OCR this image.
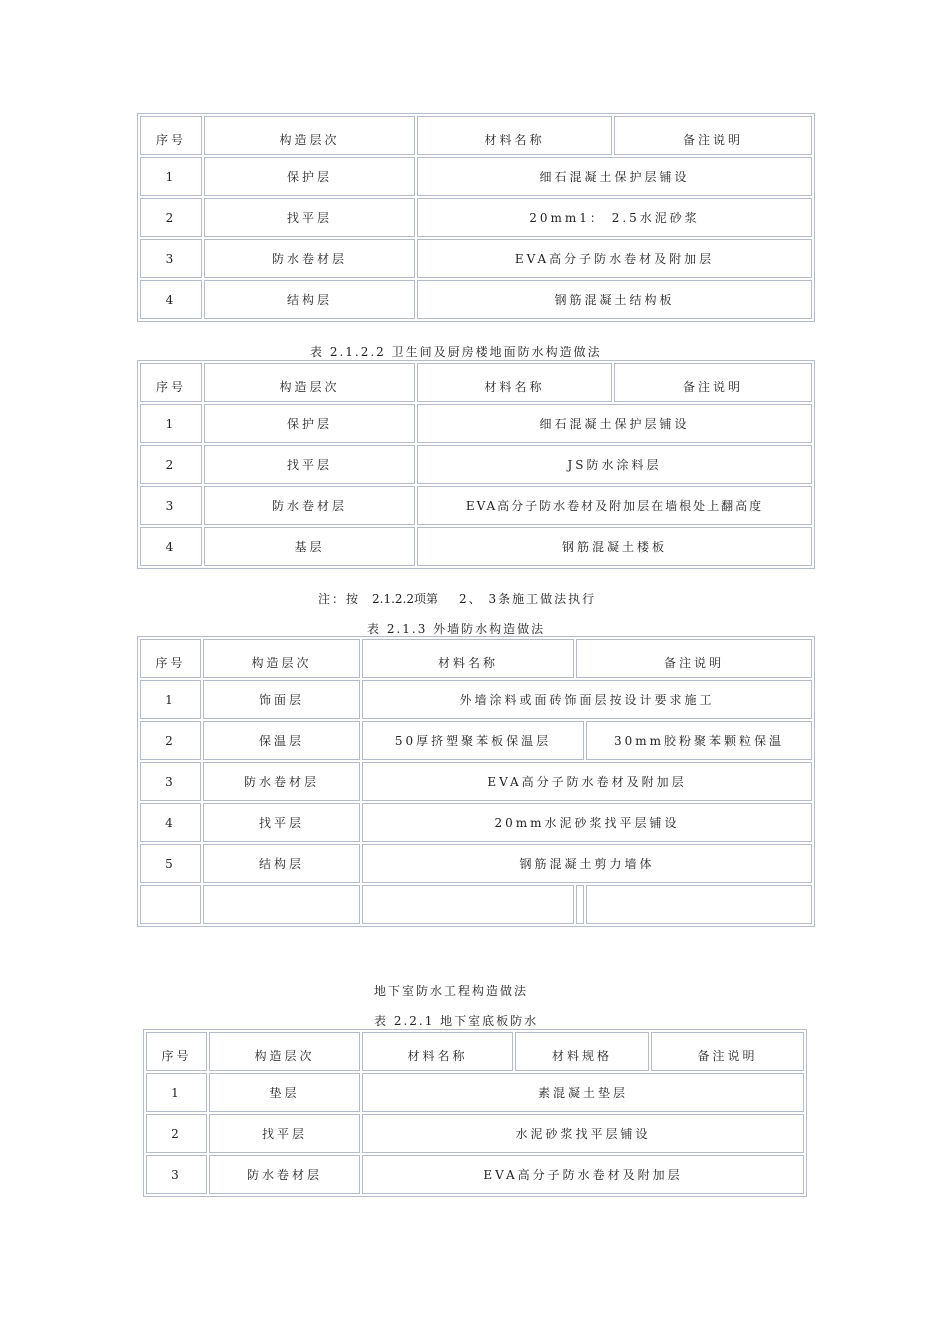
序号	构造层次	材料名称	备注说明
1	保护层	细石混凝土保护层铺设	
2	找平层	20mm1： 2.5水泥砂浆	
3	防水卷材层	EVA高分子防水卷材及附加层	
4	结构层	钢筋混凝土结构板	
表 2.1.2.2 卫生间及厨房楼地面防水构造做法
序号	构造层次	材料名称	备注说明
1	保护层	细石混凝土保护层铺设	
2	找平层	JS防水涂料层	
3	防水卷材层	EVA高分子防水卷材及附加层在墙根处上翻高度	
4	基层	钢筋混凝土楼板	
注：按 2.1.2.2项第 2、 3条施工做法执行
表 2.1.3 外墙防水构造做法
序号	构造层次	材料名称	备注说明	
1	饰面层	外墙涂料或面砖饰面层按设计要求施工		
2	保温层	50厚挤塑聚苯板保温层		30mm胶粉聚苯颗粒保温
3	防水卷材层	EVA高分子防水卷材及附加层		
4	找平层	20mm水泥砂浆找平层铺设		
5	结构层	钢筋混凝土剪力墙体		

地下室防水工程构造做法
表 2.2.1 地下室底板防水
序号	构造层次	材料名称	材料规格	备注说明
1	垫层	素混凝土垫层		
2	找平层	水泥砂浆找平层铺设		
3	防水卷材层	EVA高分子防水卷材及附加层		
